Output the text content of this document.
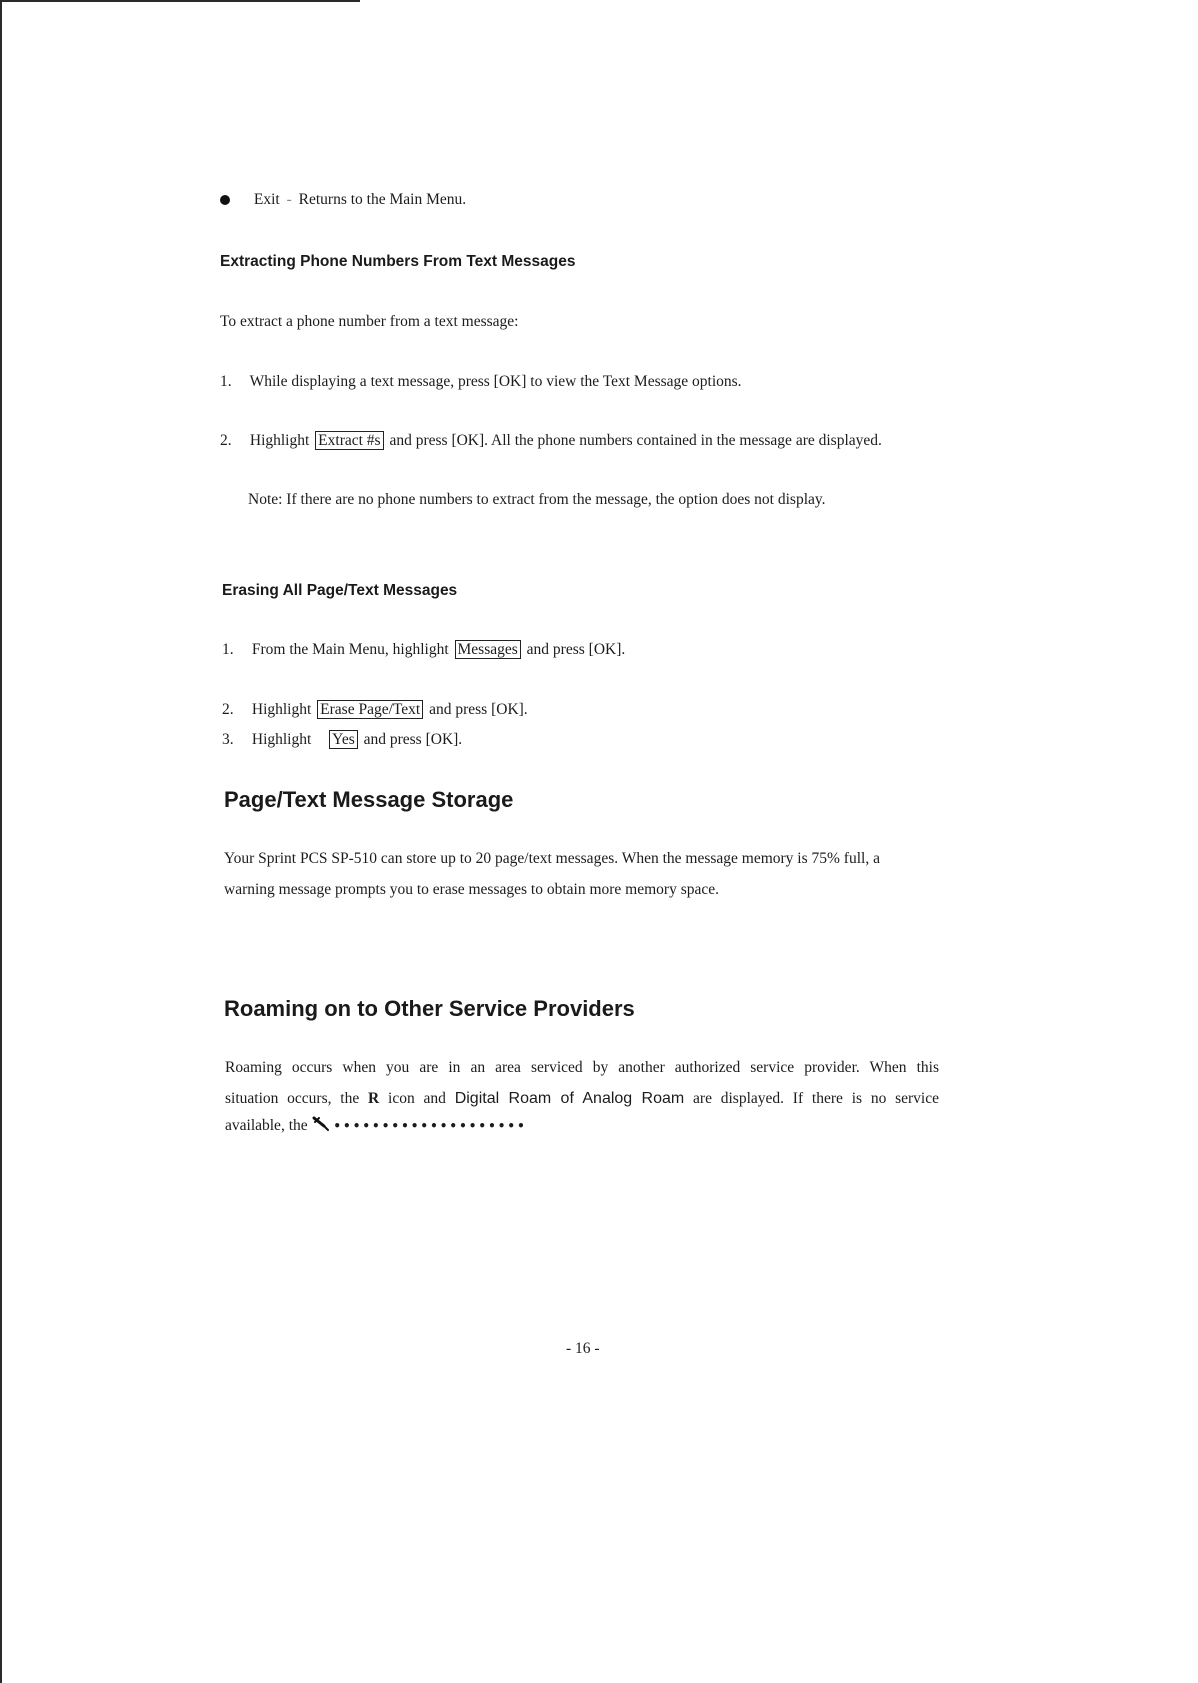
Exit - Returns to the Main Menu.
Extracting Phone Numbers From Text Messages
To extract a phone number from a text message:
1. While displaying a text message, press [OK] to view the Text Message options.
2. Highlight Extract #s and press [OK]. All the phone numbers contained in the message are displayed.
Note: If there are no phone numbers to extract from the message, the option does not display.
Erasing All Page/Text Messages
1. From the Main Menu, highlight Messages and press [OK].
2. Highlight Erase Page/Text and press [OK].
3. Highlight Yes and press [OK].
Page/Text Message Storage
Your Sprint PCS SP-510 can store up to 20 page/text messages. When the message memory is 75% full, a
warning message prompts you to erase messages to obtain more memory space.
Roaming on to Other Service Providers
Roaming occurs when you are in an area serviced by another authorized service provider. When this
situation occurs, the R icon and Digital Roam of Analog Roam are displayed. If there is no service
available, the ••••••••••••••••••••
- 16 -
